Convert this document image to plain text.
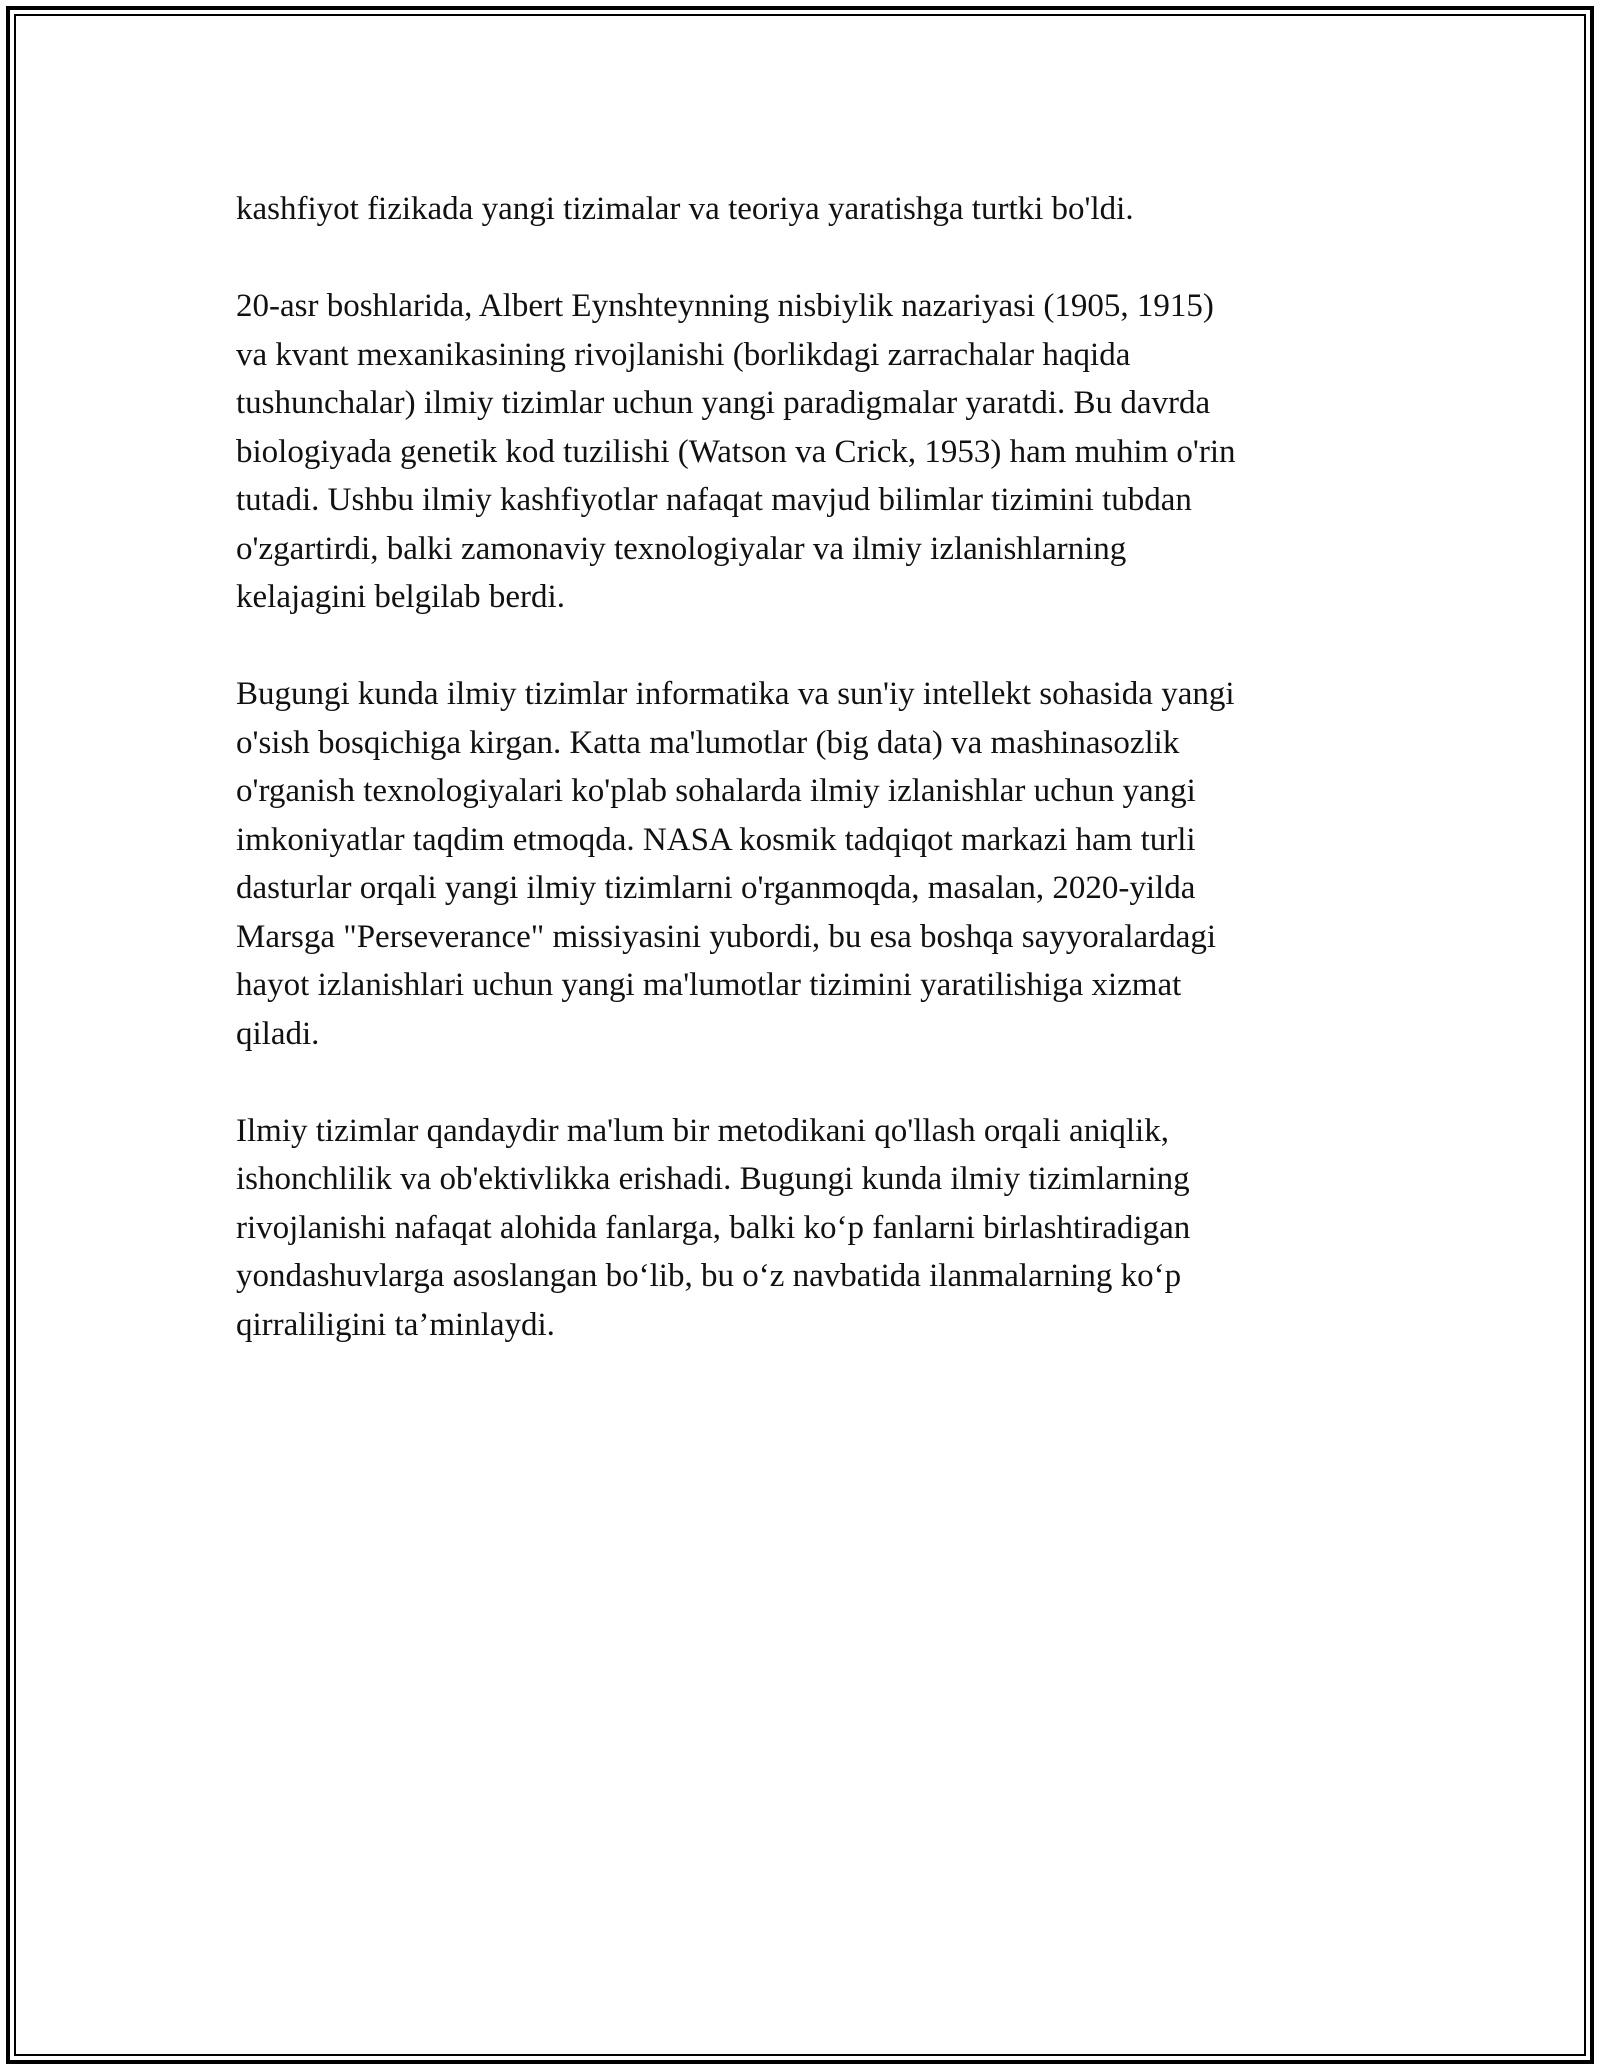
kashfiyot fizikada yangi tizimalar va teoriya yaratishga turtki bo'ldi.

20-asr boshlarida, Albert Eynshteynning nisbiylik nazariyasi (1905, 1915)
va kvant mexanikasining rivojlanishi (borlikdagi zarrachalar haqida
tushunchalar) ilmiy tizimlar uchun yangi paradigmalar yaratdi. Bu davrda
biologiyada genetik kod tuzilishi (Watson va Crick, 1953) ham muhim o'rin
tutadi. Ushbu ilmiy kashfiyotlar nafaqat mavjud bilimlar tizimini tubdan
o'zgartirdi, balki zamonaviy texnologiyalar va ilmiy izlanishlarning
kelajagini belgilab berdi.

Bugungi kunda ilmiy tizimlar informatika va sun'iy intellekt sohasida yangi
o'sish bosqichiga kirgan. Katta ma'lumotlar (big data) va mashinasozlik
o'rganish texnologiyalari ko'plab sohalarda ilmiy izlanishlar uchun yangi
imkoniyatlar taqdim etmoqda. NASA kosmik tadqiqot markazi ham turli
dasturlar orqali yangi ilmiy tizimlarni o'rganmoqda, masalan, 2020-yilda
Marsga "Perseverance" missiyasini yubordi, bu esa boshqa sayyoralardagi
hayot izlanishlari uchun yangi ma'lumotlar tizimini yaratilishiga xizmat
qiladi.

Ilmiy tizimlar qandaydir ma'lum bir metodikani qo'llash orqali aniqlik,
ishonchlilik va ob'ektivlikka erishadi. Bugungi kunda ilmiy tizimlarning
rivojlanishi nafaqat alohida fanlarga, balki ko‘p fanlarni birlashtiradigan
yondashuvlarga asoslangan bo‘lib, bu o‘z navbatida ilanmalarning ko‘p
qirraliligini ta’minlaydi.
